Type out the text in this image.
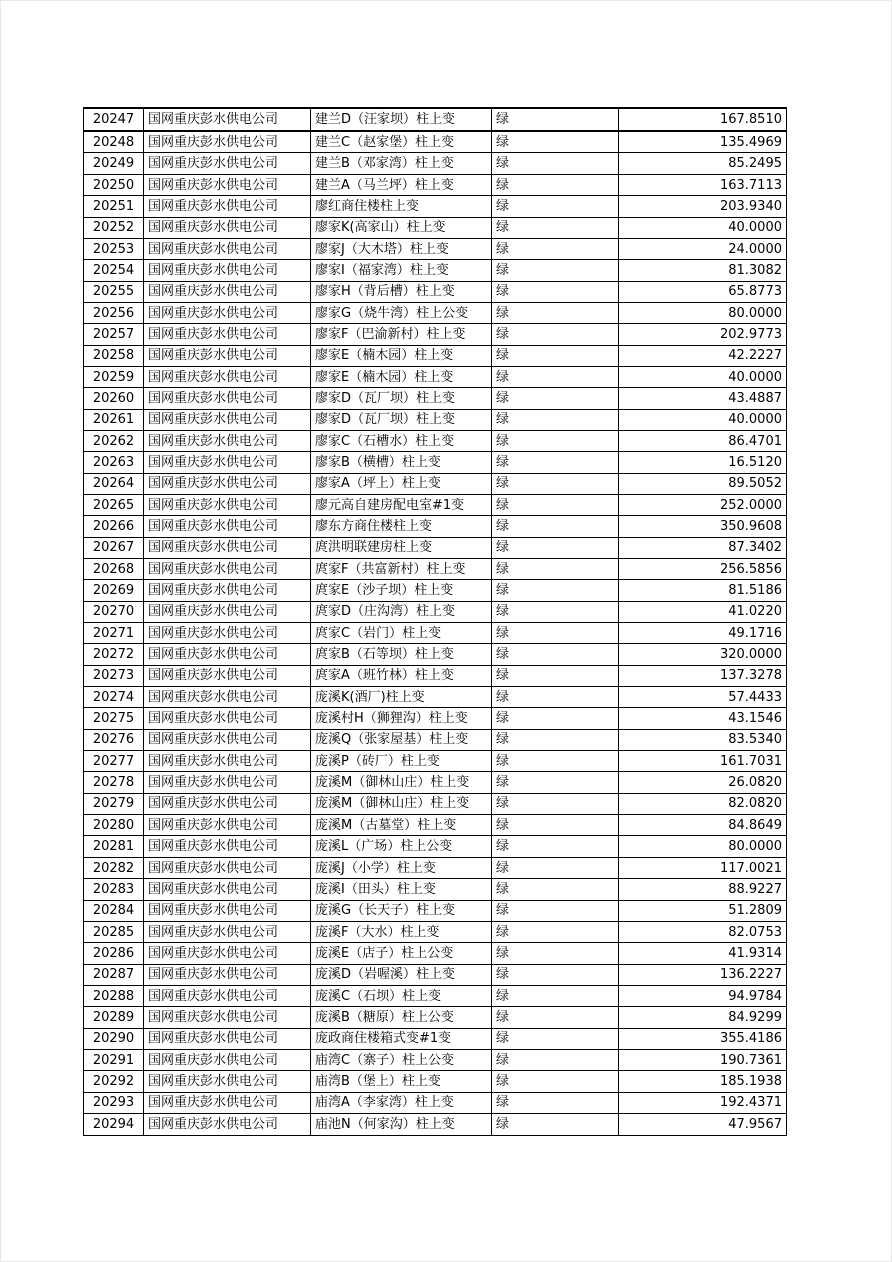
20247	国网重庆彭水供电公司	建兰D（汪家坝）柱上变	绿	167.8510
20248	国网重庆彭水供电公司	建兰C（赵家堡）柱上变	绿	135.4969
20249	国网重庆彭水供电公司	建兰B（邓家湾）柱上变	绿	85.2495
20250	国网重庆彭水供电公司	建兰A（马兰坪）柱上变	绿	163.7113
20251	国网重庆彭水供电公司	廖红商住楼柱上变	绿	203.9340
20252	国网重庆彭水供电公司	廖家K(高家山）柱上变	绿	40.0000
20253	国网重庆彭水供电公司	廖家J（大木塔）柱上变	绿	24.0000
20254	国网重庆彭水供电公司	廖家I（福家湾）柱上变	绿	81.3082
20255	国网重庆彭水供电公司	廖家H（背后槽）柱上变	绿	65.8773
20256	国网重庆彭水供电公司	廖家G（烧牛湾）柱上公变	绿	80.0000
20257	国网重庆彭水供电公司	廖家F（巴渝新村）柱上变	绿	202.9773
20258	国网重庆彭水供电公司	廖家E（楠木园）柱上变	绿	42.2227
20259	国网重庆彭水供电公司	廖家E（楠木园）柱上变	绿	40.0000
20260	国网重庆彭水供电公司	廖家D（瓦厂坝）柱上变	绿	43.4887
20261	国网重庆彭水供电公司	廖家D（瓦厂坝）柱上变	绿	40.0000
20262	国网重庆彭水供电公司	廖家C（石槽水）柱上变	绿	86.4701
20263	国网重庆彭水供电公司	廖家B（横槽）柱上变	绿	16.5120
20264	国网重庆彭水供电公司	廖家A（坪上）柱上变	绿	89.5052
20265	国网重庆彭水供电公司	廖元高自建房配电室#1变	绿	252.0000
20266	国网重庆彭水供电公司	廖东方商住楼柱上变	绿	350.9608
20267	国网重庆彭水供电公司	庹洪明联建房柱上变	绿	87.3402
20268	国网重庆彭水供电公司	庹家F（共富新村）柱上变	绿	256.5856
20269	国网重庆彭水供电公司	庹家E（沙子坝）柱上变	绿	81.5186
20270	国网重庆彭水供电公司	庹家D（庄沟湾）柱上变	绿	41.0220
20271	国网重庆彭水供电公司	庹家C（岩门）柱上变	绿	49.1716
20272	国网重庆彭水供电公司	庹家B（石等坝）柱上变	绿	320.0000
20273	国网重庆彭水供电公司	庹家A（班竹林）柱上变	绿	137.3278
20274	国网重庆彭水供电公司	庞溪K(酒厂)柱上变	绿	57.4433
20275	国网重庆彭水供电公司	庞溪村H（狮狸沟）柱上变	绿	43.1546
20276	国网重庆彭水供电公司	庞溪Q（张家屋基）柱上变	绿	83.5340
20277	国网重庆彭水供电公司	庞溪P（砖厂）柱上变	绿	161.7031
20278	国网重庆彭水供电公司	庞溪M（御林山庄）柱上变	绿	26.0820
20279	国网重庆彭水供电公司	庞溪M（御林山庄）柱上变	绿	82.0820
20280	国网重庆彭水供电公司	庞溪M（古墓堂）柱上变	绿	84.8649
20281	国网重庆彭水供电公司	庞溪L（广场）柱上公变	绿	80.0000
20282	国网重庆彭水供电公司	庞溪J（小学）柱上变	绿	117.0021
20283	国网重庆彭水供电公司	庞溪I（田头）柱上变	绿	88.9227
20284	国网重庆彭水供电公司	庞溪G（长天子）柱上变	绿	51.2809
20285	国网重庆彭水供电公司	庞溪F（大水）柱上变	绿	82.0753
20286	国网重庆彭水供电公司	庞溪E（店子）柱上公变	绿	41.9314
20287	国网重庆彭水供电公司	庞溪D（岩喔溪）柱上变	绿	136.2227
20288	国网重庆彭水供电公司	庞溪C（石坝）柱上变	绿	94.9784
20289	国网重庆彭水供电公司	庞溪B（糖原）柱上公变	绿	84.9299
20290	国网重庆彭水供电公司	庞政商住楼箱式变#1变	绿	355.4186
20291	国网重庆彭水供电公司	庙湾C（寨子）柱上公变	绿	190.7361
20292	国网重庆彭水供电公司	庙湾B（堡上）柱上变	绿	185.1938
20293	国网重庆彭水供电公司	庙湾A（李家湾）柱上变	绿	192.4371
20294	国网重庆彭水供电公司	庙池N（何家沟）柱上变	绿	47.9567
